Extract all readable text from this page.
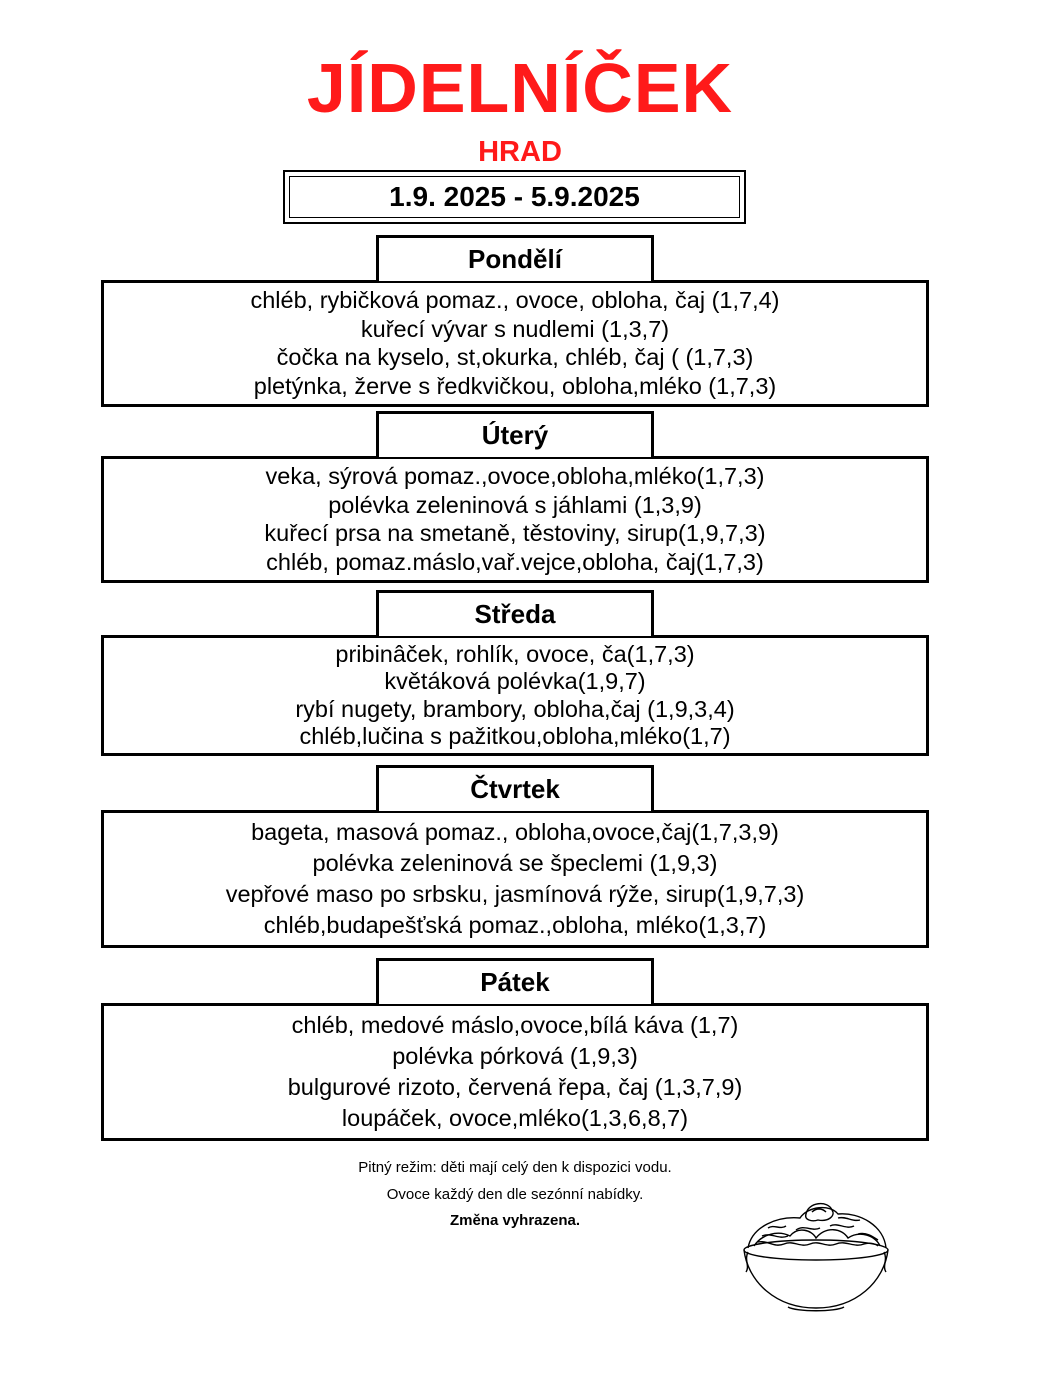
JÍDELNÍČEK
HRAD
1.9. 2025 - 5.9.2025
Pondělí
chléb, rybičková pomaz., ovoce, obloha, čaj (1,7,4)
kuřecí vývar s nudlemi (1,3,7)
čočka na kyselo, st,okurka, chléb, čaj ( (1,7,3)
pletýnka, žerve s ředkvičkou, obloha,mléko (1,7,3)
Úterý
veka, sýrová pomaz.,ovoce,obloha,mléko(1,7,3)
polévka zeleninová s jáhlami (1,3,9)
kuřecí prsa na smetaně, těstoviny, sirup(1,9,7,3)
chléb, pomaz.máslo,vař.vejce,obloha, čaj(1,7,3)
Středa
pribinâček, rohlík, ovoce, ča(1,7,3)
květáková polévka(1,9,7)
rybí nugety, brambory, obloha,čaj (1,9,3,4)
chléb,lučina s pažitkou,obloha,mléko(1,7)
Čtvrtek
bageta, masová pomaz., obloha,ovoce,čaj(1,7,3,9)
polévka zeleninová se špeclemi (1,9,3)
vepřové maso po srbsku, jasmínová rýže, sirup(1,9,7,3)
chléb,budapešťská pomaz.,obloha, mléko(1,3,7)
Pátek
chléb, medové máslo,ovoce,bílá káva (1,7)
polévka pórková (1,9,3)
bulgurové rizoto, červená řepa, čaj (1,3,7,9)
loupáček, ovoce,mléko(1,3,6,8,7)
Pitný režim: děti mají celý den k dispozici vodu.
Ovoce každý den dle sezónní nabídky.
Změna vyhrazena.
